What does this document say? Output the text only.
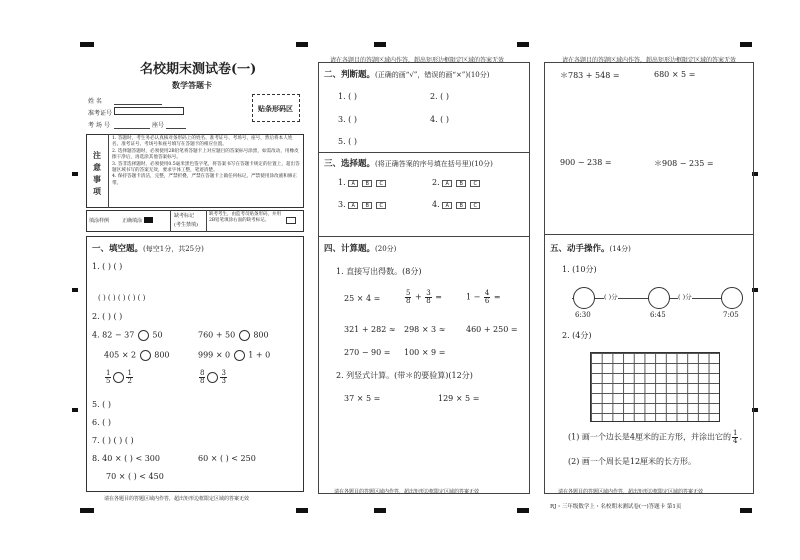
名校期末测试卷(一)
数学答题卡
姓 名
准考证号
考 场 号	座号
贴条形码区
注
意
事
项
1. 答题时，考生务必认真核对条形码上的姓名、准考证号、考场号、座号，然后将本人姓名、准考证号、考场号和座号填写在答题卡的相应位置。
2. 选择题答题时，必须使用2B铅笔将答题卡上对应题目的答案标号涂黑，如需改动，用橡皮擦干净后，再选涂其他答案标号。
3. 答非选择题时，必须使用0.5毫米黑色签字笔，将答案书写在答题卡规定的位置上，超出答题区域书写的答案无效，要求字体工整，笔迹清楚。
4. 保持答题卡清洁，完整，严禁折叠，严禁在答题卡上做任何标记，严禁使用涂改液和修正带。
填涂样例	正确填涂
缺考标记
(考生禁填)
缺考考生，由监考员贴条形码，并用2B铅笔填涂右面的缺考标记。
一、填空题。(每空1分，共25分)
1. ( ) ( )
( ) ( ) ( ) ( ) ( )
2. ( ) ( )
4. 82 − 37 50	760 + 50 800
405 × 2 800	999 × 0 1 + 0
$\frac{1}{5} \frac{1}{2}$	$\frac{8}{8} \frac{3}{3}$
5. ( )
6. ( )
7. ( ) ( ) ( )
8. 40 × ( ) < 300	60 × ( ) < 250
70 × ( ) < 450
请在各题目的答题区域内作答，超出矩形边框限定区域的答案无效
请在各题目的答题区域内作答，超出矩形边框限定区域的答案无效
二、判断题。(正确的画“√”，错误的画“×”)(10分)
1. ( )	2. ( )
3. ( )	4. ( )
5. ( )
三、选择题。(将正确答案的序号填在括号里)(10分)
1. A B C	2. A B C
3. A B C	4. A B C
四、计算题。(20分)
1. 直接写出得数。(8分)
25 × 4 =	$\frac{5}{8} + \frac{3}{8}$ =	$1 - \frac{4}{6}$ =
321 + 282 ≈ 298 × 3 ≈	460 + 250 =
270 − 90 = 100 × 9 =
2. 列竖式计算。(带＊的要验算)(12分)
37 × 5 =	129 × 5 =
请在各题目的答题区域内作答，超出矩形边框限定区域的答案无效
请在各题目的答题区域内作答，超出矩形边框限定区域的答案无效
＊783 + 548 =	680 × 5 =
900 − 238 =	＊908 − 235 =
五、动手操作。(14分)
1. (10分)
6:30	6:45	7:05
( )分	( )分
2. (4分)
(1) 画一个边长是4厘米的正方形，并涂出它的 $\frac{1}{4}$ .
(2) 画一个周长是12厘米的长方形。
请在各题目的答题区域内作答，超出矩形边框限定区域的答案无效
RJ・三年级数学上・名校期末测试卷(一)答题卡 第1页
